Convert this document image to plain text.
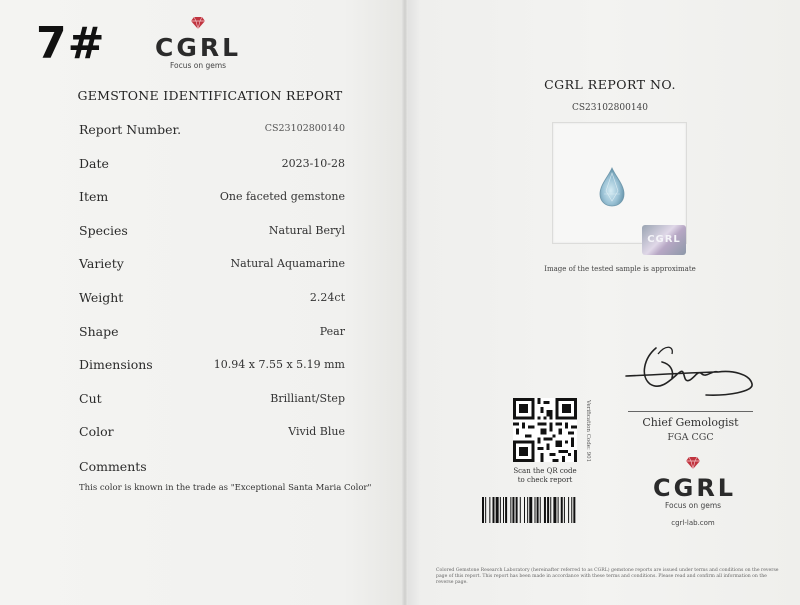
7# CGRL
Focus on gems
GEMSTONE IDENTIFICATION REPORT
Report Number.	CS23102800140
Date	2023-10-28
Item	One faceted gemstone
Species	Natural Beryl
Variety	Natural Aquamarine
Weight	2.24ct
Shape	Pear
Dimensions	10.94 x 7.55 x 5.19 mm
Cut	Brilliant/Step
Color	Vivid Blue
Comments
This color is known in the trade as "Exceptional Santa Maria Color"
CGRL REPORT NO.
CS23102800140
CGRL
Image of the tested sample is approximate
Chief Gemologist
FGA CGC
Verification Code: 901
Scan the QR code
to check report	CGRL
Focus on gems
cgrl-lab.com
Colored Gemstone Research Laboratory (hereinafter referred to as CGRL) gemstone reports are issued under terms and conditions on the reverse page of this report. This report has been made in accordance with these terms and conditions. Please read and confirm all information on the reverse page.
